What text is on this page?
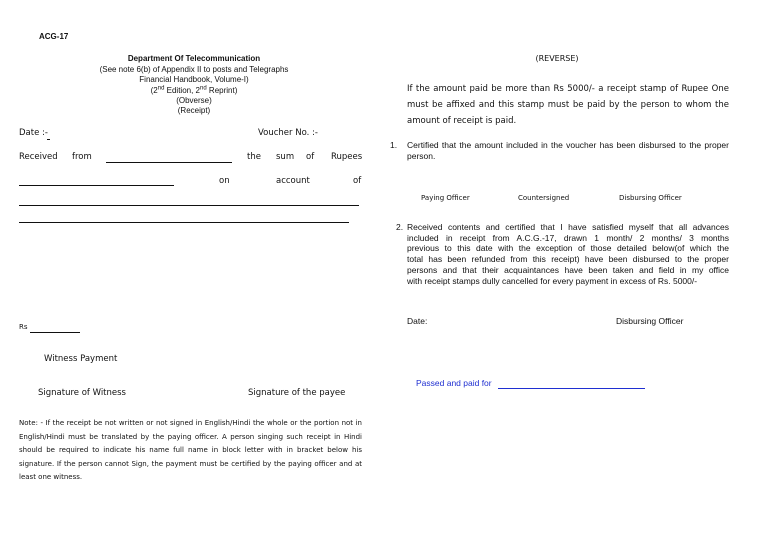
ACG-17
Department Of Telecommunication
(See note 6(b) of Appendix II to posts and Telegraphs
Financial Handbook, Volume-I)
(2nd Edition, 2nd Reprint)
(Obverse)
(Receipt)
Date :-	Voucher No. :-
Received from	the sum of Rupees
on	account	of
Rs
Witness Payment
Signature of Witness	Signature of the payee
Note: - If the receipt be not written or not signed in English/Hindi the whole or the portion not in English/Hindi must be translated by the paying officer. A person singing such receipt in Hindi should be required to indicate his name full name in block letter with in bracket below his signature. If the person cannot Sign, the payment must be certified by the paying officer and at least one witness.
(REVERSE)
If the amount paid be more than Rs 5000/- a receipt stamp of Rupee One must be affixed and this stamp must be paid by the person to whom the amount of receipt is paid.
1. Certified that the amount included in the voucher has been disbursed to the proper person.
Paying Officer	Countersigned	Disbursing Officer
2. Received contents and certified that I have satisfied myself that all advances
included in receipt from A.C.G.-17, drawn 1 month/ 2 months/ 3 months
previous to this date with the exception of those detailed below(of which the
total has been refunded from this receipt) have been disbursed to the proper
persons and that their acquaintances have been taken and field in my office
with receipt stamps dully cancelled for every payment in excess of Rs. 5000/-
Date:	Disbursing Officer
Passed and paid for
